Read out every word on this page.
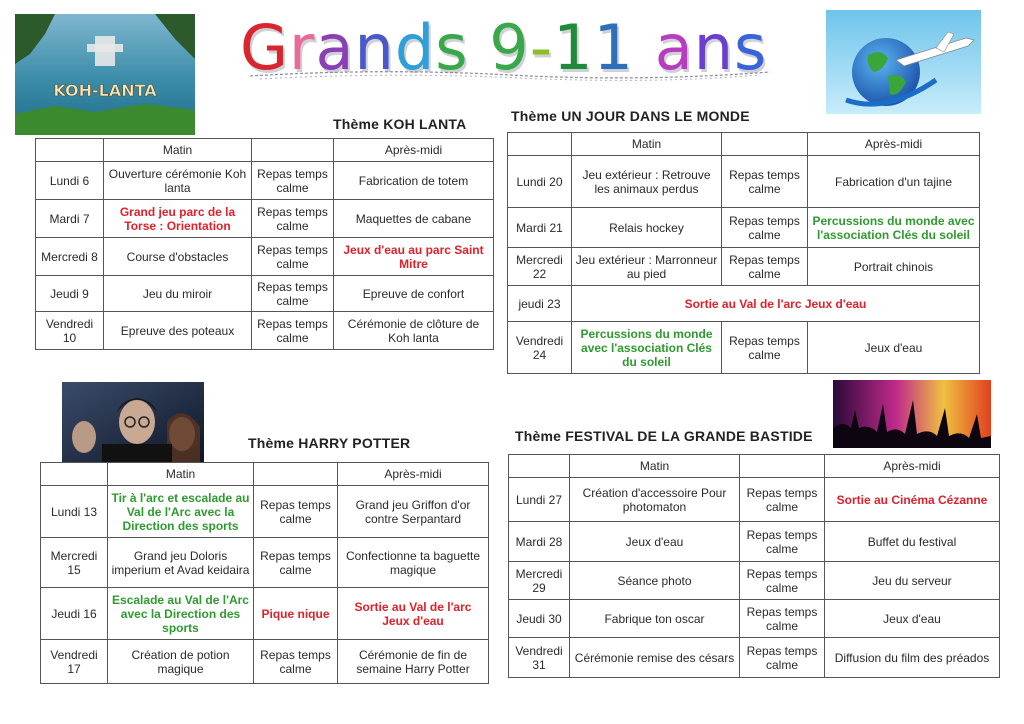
Grands 9-11 ans
KOH-LANTA
Thème KOH LANTA	Thème UN JOUR DANS LE MONDE
Thème HARRY POTTER	Thème FESTIVAL DE LA GRANDE BASTIDE
	Matin		Après-midi
Lundi 6	Ouverture cérémonie Koh lanta	Repas temps calme	Fabrication de totem
Mardi 7	Grand jeu parc de la Torse : Orientation	Repas temps calme	Maquettes de cabane
Mercredi 8	Course d'obstacles	Repas temps calme	Jeux d'eau au parc Saint Mitre
Jeudi 9	Jeu du miroir	Repas temps calme	Epreuve de confort
Vendredi 10	Epreuve des poteaux	Repas temps calme	Cérémonie de clôture de Koh lanta
	Matin		Après-midi
Lundi 20	Jeu extérieur : Retrouve les animaux perdus	Repas temps calme	Fabrication d'un tajine
Mardi 21	Relais hockey	Repas temps calme	Percussions du monde avec l'association Clés du soleil
Mercredi 22	Jeu extérieur : Marronneur au pied	Repas temps calme	Portrait chinois
jeudi 23	Sortie au Val de l'arc Jeux d'eau		
Vendredi 24	Percussions du monde avec l'association Clés du soleil	Repas temps calme	Jeux d'eau
	Matin		Après-midi
Lundi 13	Tir à l'arc et escalade au Val de l'Arc avec la Direction des sports	Repas temps calme	Grand jeu Griffon d'or contre Serpantard
Mercredi 15	Grand jeu Doloris imperium et Avad keidaira	Repas temps calme	Confectionne ta baguette magique
Jeudi 16	Escalade au Val de l'Arc avec la Direction des sports	Pique nique	Sortie au Val de l'arc Jeux d'eau
Vendredi 17	Création de potion magique	Repas temps calme	Cérémonie de fin de semaine Harry Potter
	Matin		Après-midi
Lundi 27	Création d'accessoire Pour photomaton	Repas temps calme	Sortie au Cinéma Cézanne
Mardi 28	Jeux d'eau	Repas temps calme	Buffet du festival
Mercredi 29	Séance photo	Repas temps calme	Jeu du serveur
Jeudi 30	Fabrique ton oscar	Repas temps calme	Jeux d'eau
Vendredi 31	Cérémonie remise des césars	Repas temps calme	Diffusion du film des préados
